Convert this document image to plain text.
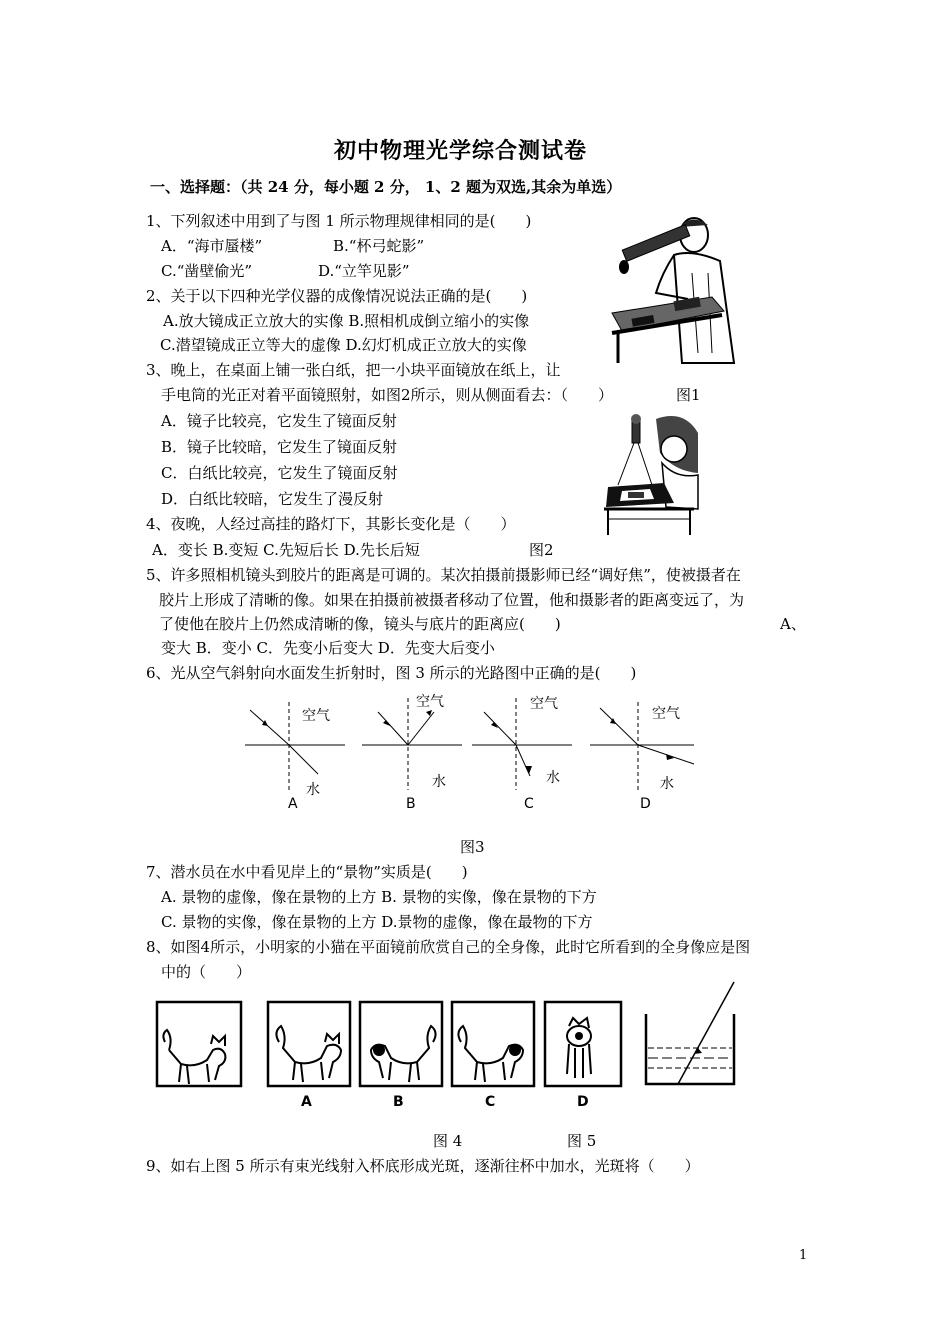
初中物理光学综合测试卷
一、选择题：（共 24 分，每小题 2 分， 1、2 题为双选,其余为单选）
1、下列叙述中用到了与图 1 所示物理规律相同的是(　　)
A．“海市蜃楼”	B.“杯弓蛇影”
C.“凿壁偷光”	D.“立竿见影”
2、关于以下四种光学仪器的成像情况说法正确的是(　　)
A.放大镜成正立放大的实像 B.照相机成倒立缩小的实像
C.潜望镜成正立等大的虚像 D.幻灯机成正立放大的实像
3、晚上，在桌面上铺一张白纸，把一小块平面镜放在纸上，让
手电筒的光正对着平面镜照射，如图2所示，则从侧面看去：（　　）	图1
A．镜子比较亮，它发生了镜面反射
B．镜子比较暗，它发生了镜面反射
C．白纸比较亮，它发生了镜面反射
D．白纸比较暗，它发生了漫反射
4、夜晚，人经过高挂的路灯下，其影长变化是（　　）
A．变长 B.变短 C.先短后长 D.先长后短	图2
5、许多照相机镜头到胶片的距离是可调的。某次拍摄前摄影师已经“调好焦”，使被摄者在
胶片上形成了清晰的像。如果在拍摄前被摄者移动了位置，他和摄影者的距离变远了，为
了使他在胶片上仍然成清晰的像，镜头与底片的距离应(　　)	A、
变大 B．变小 C．先变小后变大 D．先变大后变小
6、光从空气斜射向水面发生折射时，图 3 所示的光路图中正确的是(　　)
空气
水
A
空气
水
B
空气
水
C
空气
水
D
图3
7、潜水员在水中看见岸上的“景物”实质是(　　)
A. 景物的虚像，像在景物的上方 B. 景物的实像，像在景物的下方
C. 景物的实像，像在景物的上方 D.景物的虚像，像在最物的下方
8、如图4所示，小明家的小猫在平面镜前欣赏自己的全身像，此时它所看到的全身像应是图
中的（　　）
A	B	C	D
图 4	图 5
9、如右上图 5 所示有束光线射入杯底形成光斑，逐渐往杯中加水，光斑将（　　）
1
